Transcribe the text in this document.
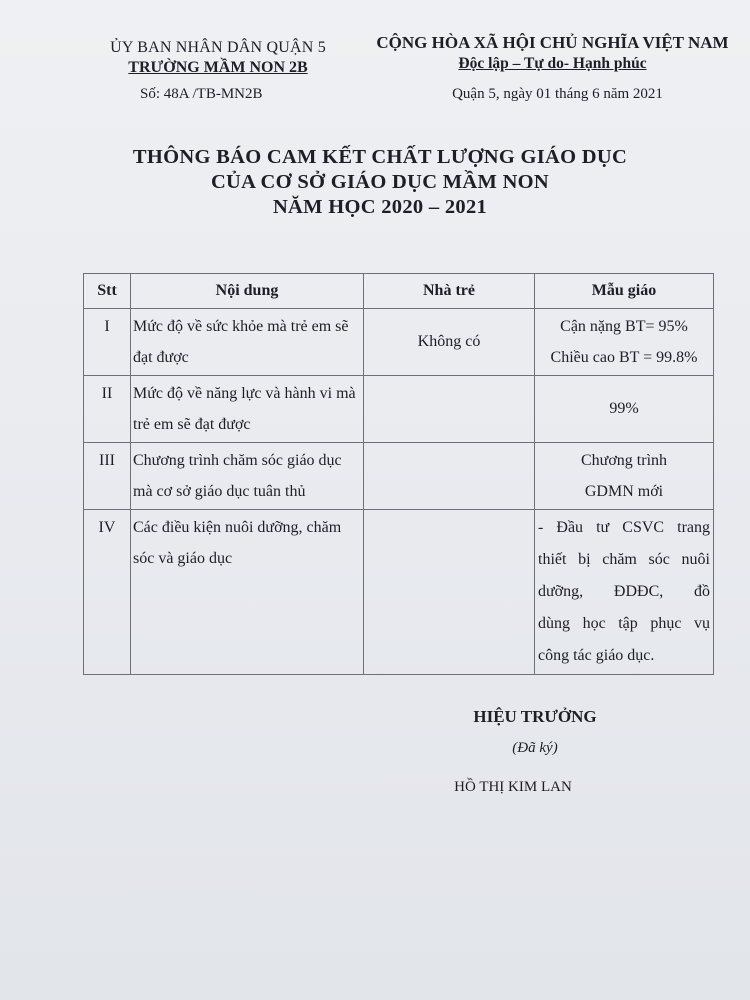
ỦY BAN NHÂN DÂN QUẬN 5
TRƯỜNG MẦM NON 2B
Số: 48A /TB-MN2B
CỘNG HÒA XÃ HỘI CHỦ NGHĨA VIỆT NAM
Độc lập – Tự do- Hạnh phúc
Quận 5, ngày 01 tháng 6 năm 2021
THÔNG BÁO CAM KẾT CHẤT LƯỢNG GIÁO DỤC
CỦA CƠ SỞ GIÁO DỤC MẦM NON
NĂM HỌC 2020 – 2021
Stt	Nội dung	Nhà trẻ	Mẫu giáo

I	Mức độ về sức khỏe mà trẻ em sẽ đạt được	Không có	Cận nặng BT= 95%
Chiều cao BT = 99.8%

II	Mức độ về năng lực và hành vi mà trẻ em sẽ đạt được		99%

III	Chương trình chăm sóc giáo dục mà cơ sở giáo dục tuân thủ		Chương trình
GDMN mới

IV	Các điều kiện nuôi dưỡng, chăm sóc và giáo dục		- Đầu tư CSVC trang
thiết bị chăm sóc nuôi
dưỡng, ĐDĐC, đồ
dùng học tập phục vụ
công tác giáo dục.
HIỆU TRƯỞNG
(Đã ký)
HỒ THỊ KIM LAN
